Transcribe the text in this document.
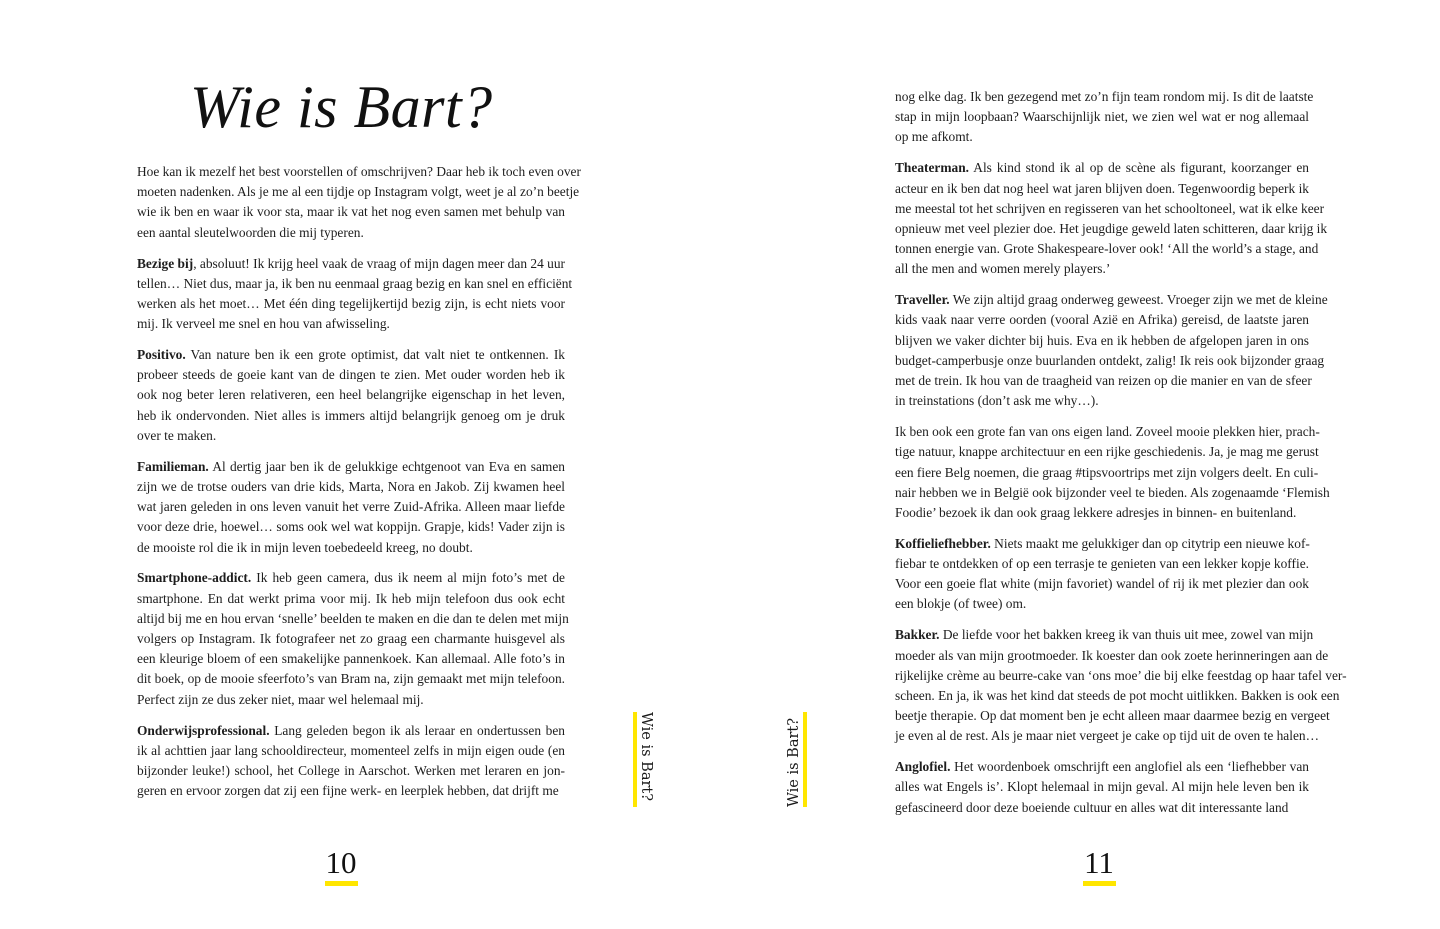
Wie is Bart?

Hoe kan ik mezelf het best voorstellen of omschrijven? Daar heb ik toch even over
moeten nadenken. Als je me al een tijdje op Instagram volgt, weet je al zo’n beetje
wie ik ben en waar ik voor sta, maar ik vat het nog even samen met behulp van
een aantal sleutelwoorden die mij typeren.

Bezige bij, absoluut! Ik krijg heel vaak de vraag of mijn dagen meer dan 24 uur
tellen… Niet dus, maar ja, ik ben nu eenmaal graag bezig en kan snel en efficiënt
werken als het moet… Met één ding tegelijkertijd bezig zijn, is echt niets voor
mij. Ik verveel me snel en hou van afwisseling.

Positivo. Van nature ben ik een grote optimist, dat valt niet te ontkennen. Ik
probeer steeds de goeie kant van de dingen te zien. Met ouder worden heb ik
ook nog beter leren relativeren, een heel belangrijke eigenschap in het leven,
heb ik ondervonden. Niet alles is immers altijd belangrijk genoeg om je druk
over te maken.

Familieman. Al dertig jaar ben ik de gelukkige echtgenoot van Eva en samen
zijn we de trotse ouders van drie kids, Marta, Nora en Jakob. Zij kwamen heel
wat jaren geleden in ons leven vanuit het verre Zuid-Afrika. Alleen maar liefde
voor deze drie, hoewel… soms ook wel wat koppijn. Grapje, kids! Vader zijn is
de mooiste rol die ik in mijn leven toebedeeld kreeg, no doubt.

Smartphone-addict. Ik heb geen camera, dus ik neem al mijn foto’s met de
smartphone. En dat werkt prima voor mij. Ik heb mijn telefoon dus ook echt
altijd bij me en hou ervan ‘snelle’ beelden te maken en die dan te delen met mijn
volgers op Instagram. Ik fotografeer net zo graag een charmante huisgevel als
een kleurige bloem of een smakelijke pannenkoek. Kan allemaal. Alle foto’s in
dit boek, op de mooie sfeerfoto’s van Bram na, zijn gemaakt met mijn telefoon.
Perfect zijn ze dus zeker niet, maar wel helemaal mij.

Onderwijsprofessional. Lang geleden begon ik als leraar en ondertussen ben
ik al achttien jaar lang schooldirecteur, momenteel zelfs in mijn eigen oude (en
bijzonder leuke!) school, het College in Aarschot. Werken met leraren en jon-
geren en ervoor zorgen dat zij een fijne werk- en leerplek hebben, dat drijft me	Wie is Bart?
10
Wie is Bart?

nog elke dag. Ik ben gezegend met zo’n fijn team rondom mij. Is dit de laatste
stap in mijn loopbaan? Waarschijnlijk niet, we zien wel wat er nog allemaal
op me afkomt.

Theaterman. Als kind stond ik al op de scène als figurant, koorzanger en
acteur en ik ben dat nog heel wat jaren blijven doen. Tegenwoordig beperk ik
me meestal tot het schrijven en regisseren van het schooltoneel, wat ik elke keer
opnieuw met veel plezier doe. Het jeugdige geweld laten schitteren, daar krijg ik
tonnen energie van. Grote Shakespeare-lover ook! ‘All the world’s a stage, and
all the men and women merely players.’

Traveller. We zijn altijd graag onderweg geweest. Vroeger zijn we met de kleine
kids vaak naar verre oorden (vooral Azië en Afrika) gereisd, de laatste jaren
blijven we vaker dichter bij huis. Eva en ik hebben de afgelopen jaren in ons
budget-camperbusje onze buurlanden ontdekt, zalig! Ik reis ook bijzonder graag
met de trein. Ik hou van de traagheid van reizen op die manier en van de sfeer
in treinstations (don’t ask me why…).

Ik ben ook een grote fan van ons eigen land. Zoveel mooie plekken hier, prach-
tige natuur, knappe architectuur en een rijke geschiedenis. Ja, je mag me gerust
een fiere Belg noemen, die graag #tipsvoortrips met zijn volgers deelt. En culi-
nair hebben we in België ook bijzonder veel te bieden. Als zogenaamde ‘Flemish
Foodie’ bezoek ik dan ook graag lekkere adresjes in binnen- en buitenland.

Koffieliefhebber. Niets maakt me gelukkiger dan op citytrip een nieuwe kof-
fiebar te ontdekken of op een terrasje te genieten van een lekker kopje koffie.
Voor een goeie flat white (mijn favoriet) wandel of rij ik met plezier dan ook
een blokje (of twee) om.

Bakker. De liefde voor het bakken kreeg ik van thuis uit mee, zowel van mijn
moeder als van mijn grootmoeder. Ik koester dan ook zoete herinneringen aan de
rijkelijke crème au beurre-cake van ‘ons moe’ die bij elke feestdag op haar tafel ver-
scheen. En ja, ik was het kind dat steeds de pot mocht uitlikken. Bakken is ook een
beetje therapie. Op dat moment ben je echt alleen maar daarmee bezig en vergeet
je even al de rest. Als je maar niet vergeet je cake op tijd uit de oven te halen…

Anglofiel. Het woordenboek omschrijft een anglofiel als een ‘liefhebber van
alles wat Engels is’. Klopt helemaal in mijn geval. Al mijn hele leven ben ik
gefascineerd door deze boeiende cultuur en alles wat dit interessante land

11
